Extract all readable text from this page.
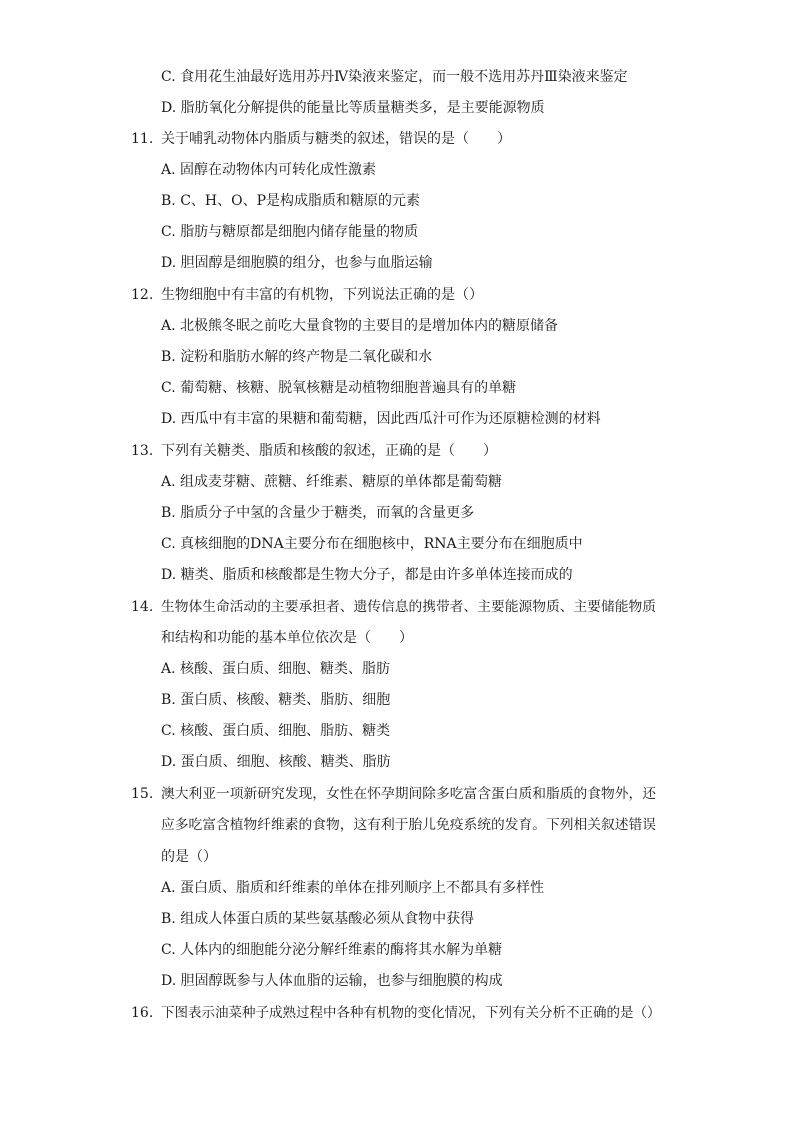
C. 食用花生油最好选用苏丹Ⅳ染液来鉴定，而一般不选用苏丹Ⅲ染液来鉴定
D. 脂肪氧化分解提供的能量比等质量糖类多，是主要能源物质
11. 关于哺乳动物体内脂质与糖类的叙述，错误的是（　　）
A. 固醇在动物体内可转化成性激素
B. C、H、O、P是构成脂质和糖原的元素
C. 脂肪与糖原都是细胞内储存能量的物质
D. 胆固醇是细胞膜的组分，也参与血脂运输
12. 生物细胞中有丰富的有机物，下列说法正确的是（）
A. 北极熊冬眠之前吃大量食物的主要目的是增加体内的糖原储备
B. 淀粉和脂肪水解的终产物是二氧化碳和水
C. 葡萄糖、核糖、脱氧核糖是动植物细胞普遍具有的单糖
D. 西瓜中有丰富的果糖和葡萄糖，因此西瓜汁可作为还原糖检测的材料
13. 下列有关糖类、脂质和核酸的叙述，正确的是（　　）
A. 组成麦芽糖、蔗糖、纤维素、糖原的单体都是葡萄糖
B. 脂质分子中氢的含量少于糖类，而氧的含量更多
C. 真核细胞的DNA主要分布在细胞核中，RNA主要分布在细胞质中
D. 糖类、脂质和核酸都是生物大分子，都是由许多单体连接而成的
14. 生物体生命活动的主要承担者、遗传信息的携带者、主要能源物质、主要储能物质
和结构和功能的基本单位依次是（　　）
A. 核酸、蛋白质、细胞、糖类、脂肪
B. 蛋白质、核酸、糖类、脂肪、细胞
C. 核酸、蛋白质、细胞、脂肪、糖类
D. 蛋白质、细胞、核酸、糖类、脂肪
15. 澳大利亚一项新研究发现，女性在怀孕期间除多吃富含蛋白质和脂质的食物外，还
应多吃富含植物纤维素的食物，这有利于胎儿免疫系统的发育。下列相关叙述错误
的是（）
A. 蛋白质、脂质和纤维素的单体在排列顺序上不都具有多样性
B. 组成人体蛋白质的某些氨基酸必须从食物中获得
C. 人体内的细胞能分泌分解纤维素的酶将其水解为单糖
D. 胆固醇既参与人体血脂的运输，也参与细胞膜的构成
16. 下图表示油菜种子成熟过程中各种有机物的变化情况，下列有关分析不正确的是（）
